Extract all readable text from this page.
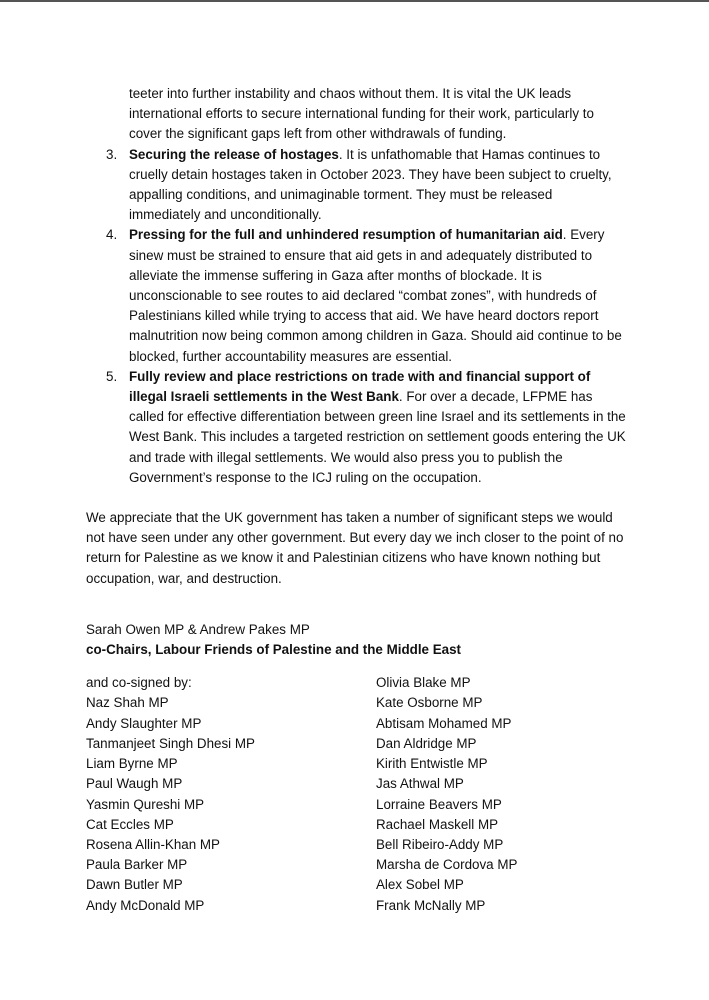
teeter into further instability and chaos without them. It is vital the UK leads international efforts to secure international funding for their work, particularly to cover the significant gaps left from other withdrawals of funding.

3. Securing the release of hostages. It is unfathomable that Hamas continues to cruelly detain hostages taken in October 2023. They have been subject to cruelty, appalling conditions, and unimaginable torment. They must be released immediately and unconditionally.
4. Pressing for the full and unhindered resumption of humanitarian aid. Every sinew must be strained to ensure that aid gets in and adequately distributed to alleviate the immense suffering in Gaza after months of blockade. It is unconscionable to see routes to aid declared “combat zones”, with hundreds of Palestinians killed while trying to access that aid. We have heard doctors report malnutrition now being common among children in Gaza. Should aid continue to be blocked, further accountability measures are essential.
5. Fully review and place restrictions on trade with and financial support of illegal Israeli settlements in the West Bank. For over a decade, LFPME has called for effective differentiation between green line Israel and its settlements in the West Bank. This includes a targeted restriction on settlement goods entering the UK and trade with illegal settlements. We would also press you to publish the Government’s response to the ICJ ruling on the occupation.

We appreciate that the UK government has taken a number of significant steps we would not have seen under any other government. But every day we inch closer to the point of no return for Palestine as we know it and Palestinian citizens who have known nothing but occupation, war, and destruction.

Sarah Owen MP & Andrew Pakes MP

co-Chairs, Labour Friends of Palestine and the Middle East

and co-signed by:
Naz Shah MP
Andy Slaughter MP
Tanmanjeet Singh Dhesi MP
Liam Byrne MP
Paul Waugh MP
Yasmin Qureshi MP
Cat Eccles MP
Rosena Allin-Khan MP
Paula Barker MP
Dawn Butler MP
Andy McDonald MP
Olivia Blake MP
Kate Osborne MP
Abtisam Mohamed MP
Dan Aldridge MP
Kirith Entwistle MP
Jas Athwal MP
Lorraine Beavers MP
Rachael Maskell MP
Bell Ribeiro-Addy MP
Marsha de Cordova MP
Alex Sobel MP
Frank McNally MP
